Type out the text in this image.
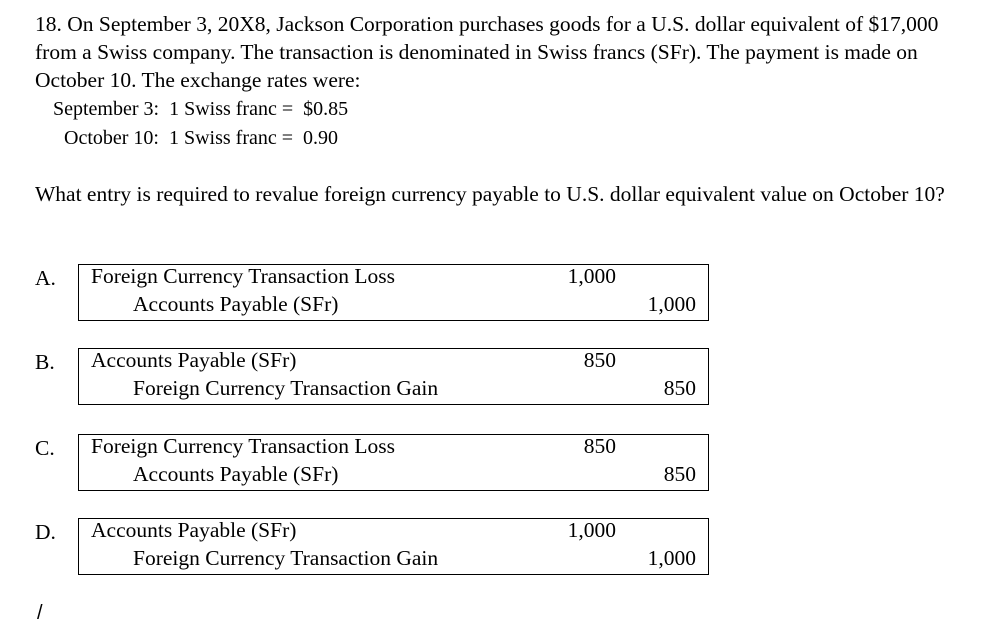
18. On September 3, 20X8, Jackson Corporation purchases goods for a U.S. dollar equivalent of $17,000 from a Swiss company. The transaction is denominated in Swiss francs (SFr). The payment is made on October 10. The exchange rates were:
September 3:  1 Swiss franc =  $0.85
October 10:  1 Swiss franc =  0.90
What entry is required to revalue foreign currency payable to U.S. dollar equivalent value on October 10?
A. Foreign Currency Transaction Loss
Accounts Payable (SFr)
1,000
1,000
B. Accounts Payable (SFr)
Foreign Currency Transaction Gain
850
850
C. Foreign Currency Transaction Loss
Accounts Payable (SFr)
850
850
D. Accounts Payable (SFr)
Foreign Currency Transaction Gain
1,000
1,000
/
